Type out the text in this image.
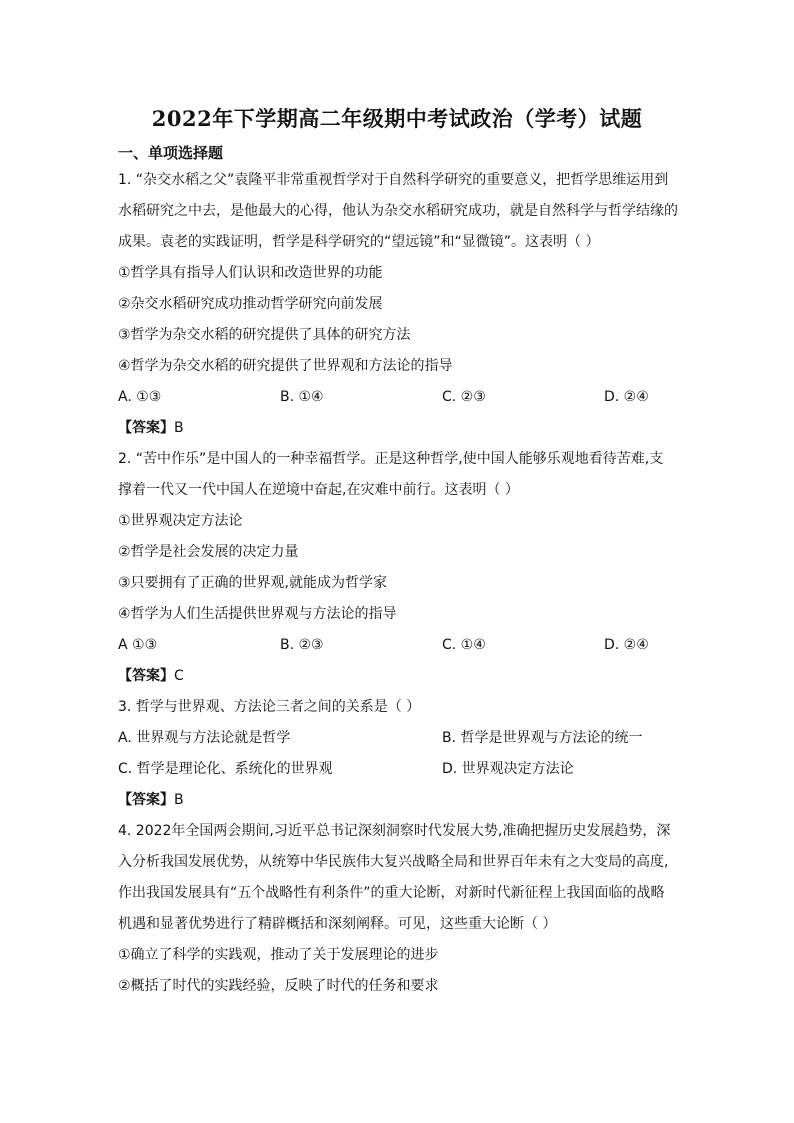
2022年下学期高二年级期中考试政治（学考）试题
一、单项选择题
1. “杂交水稻之父”袁隆平非常重视哲学对于自然科学研究的重要意义，把哲学思维运用到
水稻研究之中去，是他最大的心得，他认为杂交水稻研究成功，就是自然科学与哲学结缘的
成果。袁老的实践证明，哲学是科学研究的“望远镜”和“显微镜”。这表明（ ）
①哲学具有指导人们认识和改造世界的功能
②杂交水稻研究成功推动哲学研究向前发展
③哲学为杂交水稻的研究提供了具体的研究方法
④哲学为杂交水稻的研究提供了世界观和方法论的指导
A. ①③	B. ①④	C. ②③	D. ②④
【答案】B
2. “苦中作乐”是中国人的一种幸福哲学。正是这种哲学,使中国人能够乐观地看待苦难,支
撑着一代又一代中国人在逆境中奋起,在灾难中前行。这表明（ ）
①世界观决定方法论
②哲学是社会发展的决定力量
③只要拥有了正确的世界观,就能成为哲学家
④哲学为人们生活提供世界观与方法论的指导
A ①③	B. ②③	C. ①④	D. ②④
【答案】C
3. 哲学与世界观、方法论三者之间的关系是（ ）
A. 世界观与方法论就是哲学	B. 哲学是世界观与方法论的统一
C. 哲学是理论化、系统化的世界观	D. 世界观决定方法论
【答案】B
4. 2022年全国两会期间,习近平总书记深刻洞察时代发展大势,准确把握历史发展趋势，深
入分析我国发展优势，从统筹中华民族伟大复兴战略全局和世界百年未有之大变局的高度,
作出我国发展具有“五个战略性有利条件”的重大论断，对新时代新征程上我国面临的战略
机遇和显著优势进行了精辟概括和深刻阐释。可见，这些重大论断（ ）
①确立了科学的实践观，推动了关于发展理论的进步
②概括了时代的实践经验，反映了时代的任务和要求
